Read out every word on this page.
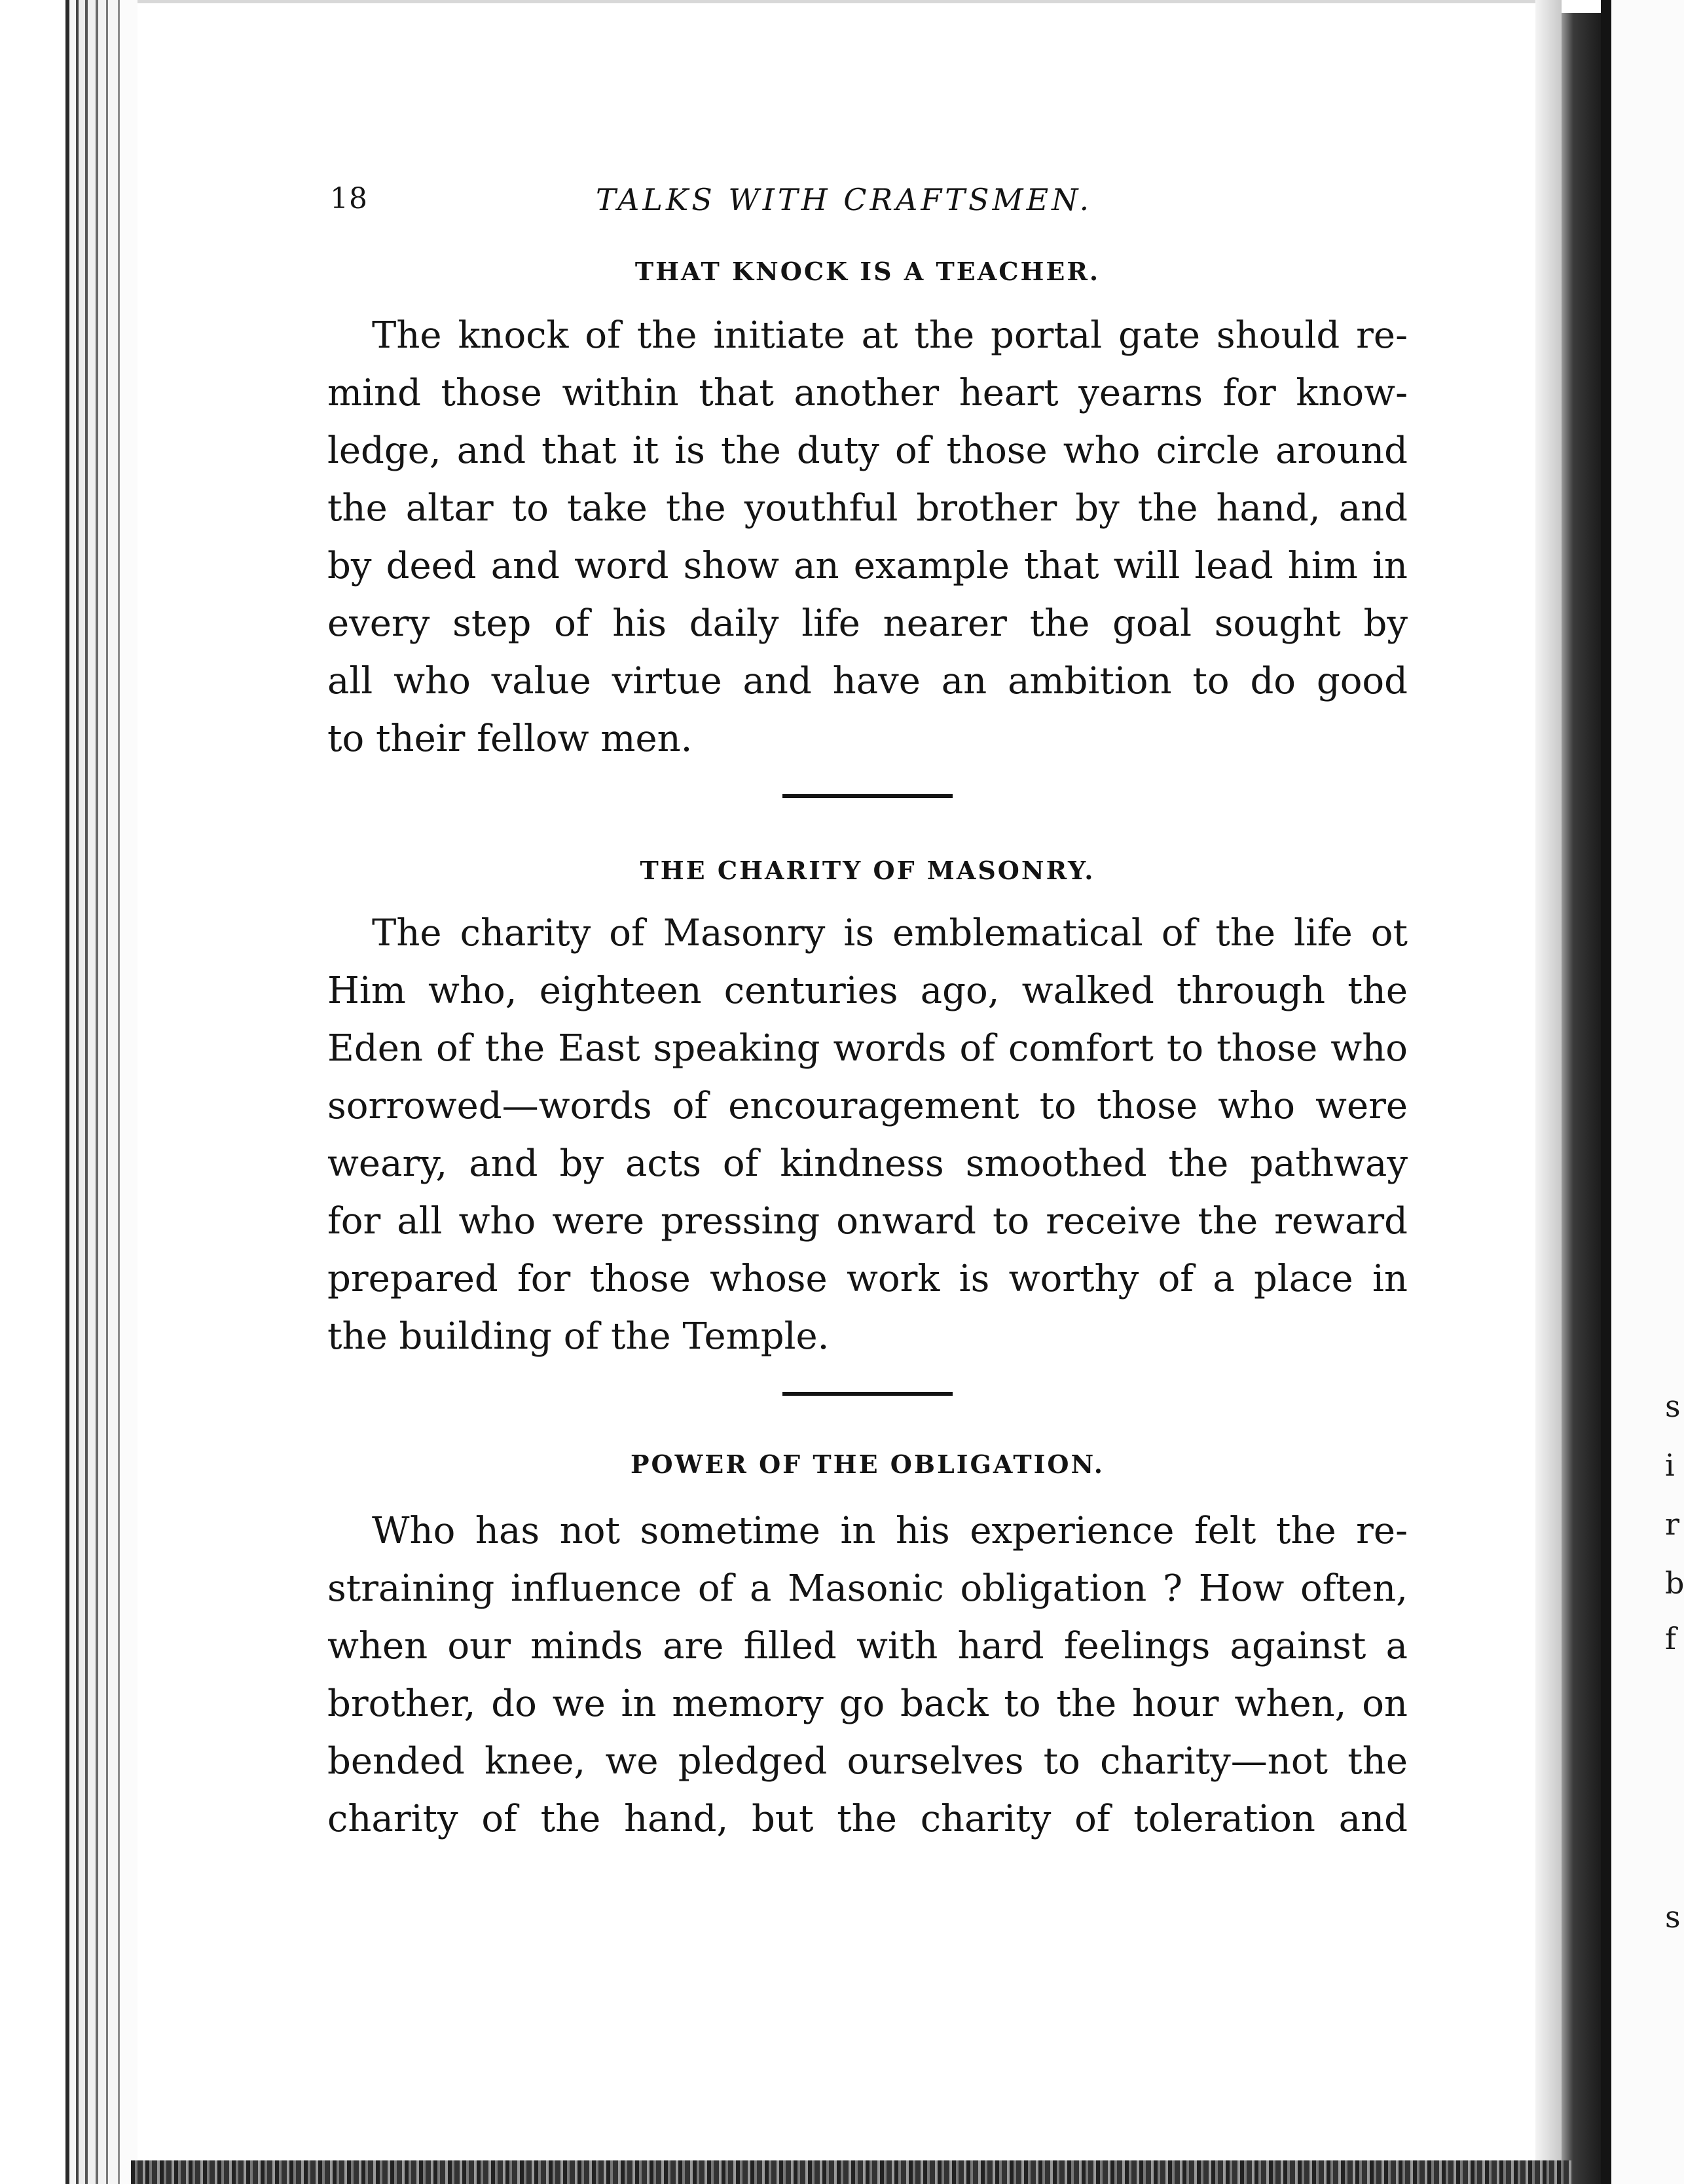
s
i
r
b
f
s
18	TALKS WITH CRAFTSMEN.
THAT KNOCK IS A TEACHER.

The knock of the initiate at the portal gate should re-
mind those within that another heart yearns for know-
ledge, and that it is the duty of those who circle around
the altar to take the youthful brother by the hand, and
by deed and word show an example that will lead him in
every step of his daily life nearer the goal sought by
all who value virtue and have an ambition to do good
to their fellow men.

THE CHARITY OF MASONRY.

The charity of Masonry is emblematical of the life ot
Him who, eighteen centuries ago, walked through the
Eden of the East speaking words of comfort to those who
sorrowed—words of encouragement to those who were
weary, and by acts of kindness smoothed the pathway
for all who were pressing onward to receive the reward
prepared for those whose work is worthy of a place in
the building of the Temple.

POWER OF THE OBLIGATION.

Who has not sometime in his experience felt the re-
straining influence of a Masonic obligation ? How often,
when our minds are filled with hard feelings against a
brother, do we in memory go back to the hour when, on
bended knee, we pledged ourselves to charity—not the
charity of the hand, but the charity of toleration and
